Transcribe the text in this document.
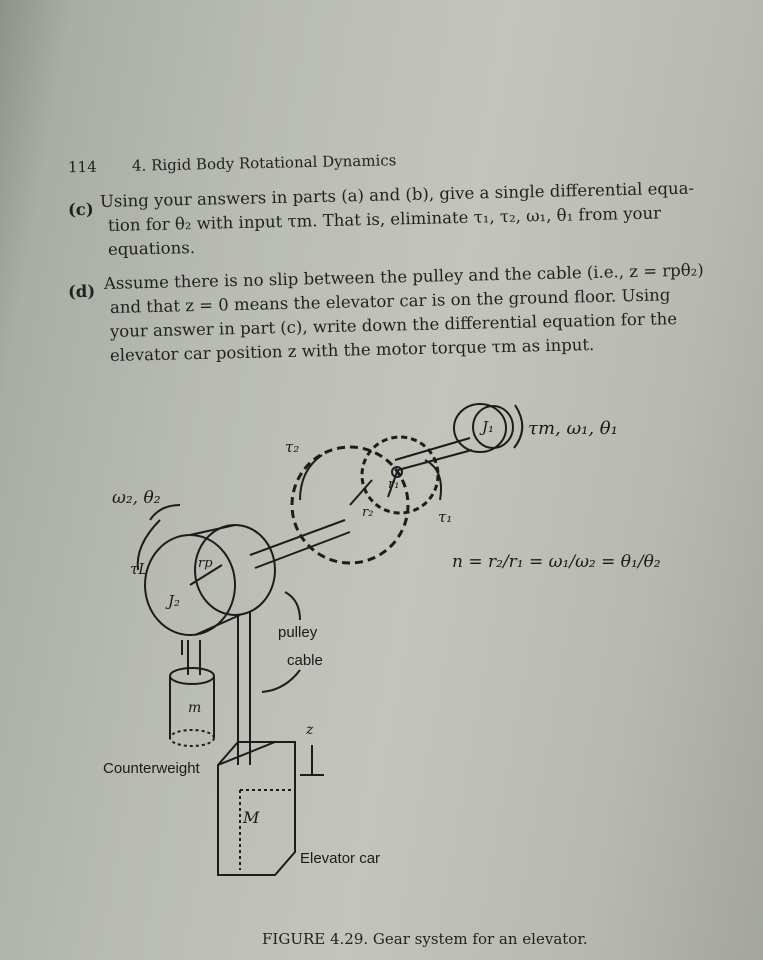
114 4. Rigid Body Rotational Dynamics
(c) Using your answers in parts (a) and (b), give a single differential equa-
tion for θ₂ with input τm. That is, eliminate τ₁, τ₂, ω₁, θ₁ from your
equations.
(d) Assume there is no slip between the pulley and the cable (i.e., z = rpθ₂)
and that z = 0 means the elevator car is on the ground floor. Using
your answer in part (c), write down the differential equation for the
elevator car position z with the motor torque τm as input.
τm, ω₁, θ₁
J₁
τ₂
τ₁
r₁
r₂
ω₂, θ₂
τL	rp
J₂
n = r₂/r₁ = ω₁/ω₂ = θ₁/θ₂
pulley
cable
m
z
Counterweight
M
Elevator car
FIGURE 4.29. Gear system for an elevator.
